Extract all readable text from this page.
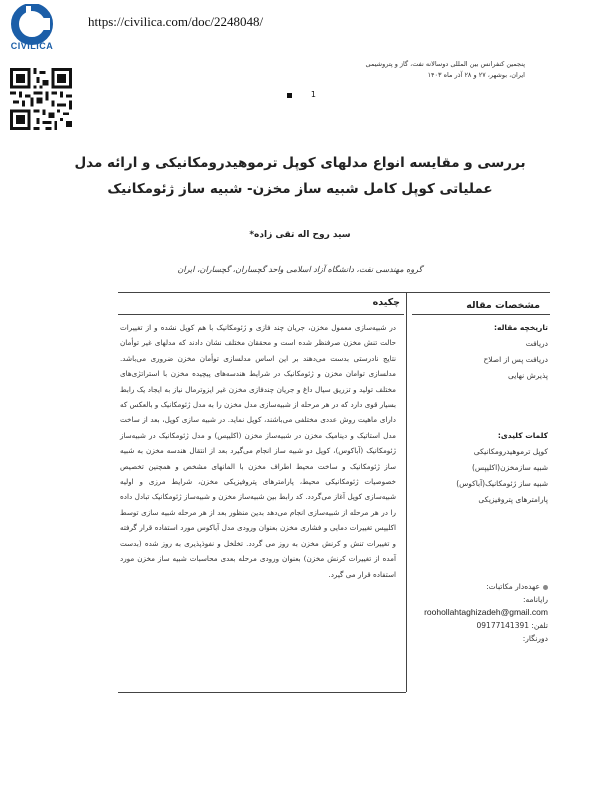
CIVILICA
https://civilica.com/doc/2248048/
پنجمین کنفرانس بین المللی دوسالانه نفت، گاز و پتروشیمی
ایران، بوشهر، ۲۷ و ۲۸ آذر ماه ۱۴۰۳
1
بررسی و مقایسه انواع مدلهای کوپل ترموهیدرومکانیکی و ارائه مدل
عملیاتی کوپل کامل شبیه ساز مخزن- شبیه ساز ژئومکانیک
سید روح اله تقی زاده*
گروه مهندسی نفت، دانشگاه آزاد اسلامی واحد گچساران، گچساران، ایران
مشخصات مقاله
چکیده
تاریخچه مقاله:
دریافت
دریافت پس از اصلاح
پذیرش نهایی
کلمات کلیدی:
کوپل ترموهیدرومکانیکی
شبیه سازمخزن(اکلیپس)
شبیه ساز ژئومکانیک(آباکوس)
پارامترهای پتروفیزیکی
عهده‌دار مکاتبات:
رایانامه:
roohollahtaghizadeh@gmail.com
تلفن: 09177141391
دورنگار:
در شبیه‌سازی معمول مخزن، جریان چند فازی و ژئومکانیک با هم کوپل نشده و از تغییرات حالت تنش مخزن صرفنظر شده است و محققان مختلف نشان دادند که مدلهای غیر توأمان نتایج نادرستی بدست می‌دهند بر این اساس مدلسازی توأمان مخزن ضروری می‌باشد. مدلسازی توامان مخزن و ژئومکانیک در شرایط هندسه‌های پیچیده مخزن با استراتژی‌های مختلف تولید و تزریق سیال داغ و جریان چندفازی مخزن غیر ایزوترمال نیاز به ایجاد یک رابط بسیار قوی دارد که در هر مرحله از شبیه‌سازی مدل مخزن را به مدل ژئومکانیک و بالعکس که دارای ماهیت روش عددی مختلفی می‌باشند، کوپل نماید. در شبیه سازی کوپل، بعد از ساخت مدل استاتیک و دینامیک مخزن در شبیه‌ساز مخزن (اکلیپس) و مدل ژئومکانیک در شبیه‌ساز ژئومکانیک (آباکوس)، کوپل دو شبیه ساز انجام می‌گیرد بعد از انتقال هندسه مخزن به شبیه ساز ژئومکانیک و ساخت محیط اطراف مخزن با المانهای مشخص و همچنین تخصیص خصوصیات ژئومکانیکی محیط، پارامترهای پتروفیزیکی مخزن، شرایط مرزی و اولیه شبیه‌سازی کوپل آغاز می‌گردد. کد رابط بین شبیه‌ساز مخزن و شبیه‌ساز ژئومکانیک تبادل داده را در هر مرحله از شبیه‌سازی انجام می‌دهد بدین منظور بعد از هر مرحله شبیه سازی توسط اکلیپس تغییرات دمایی و فشاری مخزن بعنوان ورودی مدل آباکوس مورد استفاده قرار گرفته و تغییرات تنش و کرنش مخزن به روز می گردد. تخلخل و نفوذپذیری به روز شده (بدست آمده از تغییرات کرنش مخزن) بعنوان ورودی مرحله بعدی محاسبات شبیه ساز مخزن مورد استفاده قرار می گیرد.
